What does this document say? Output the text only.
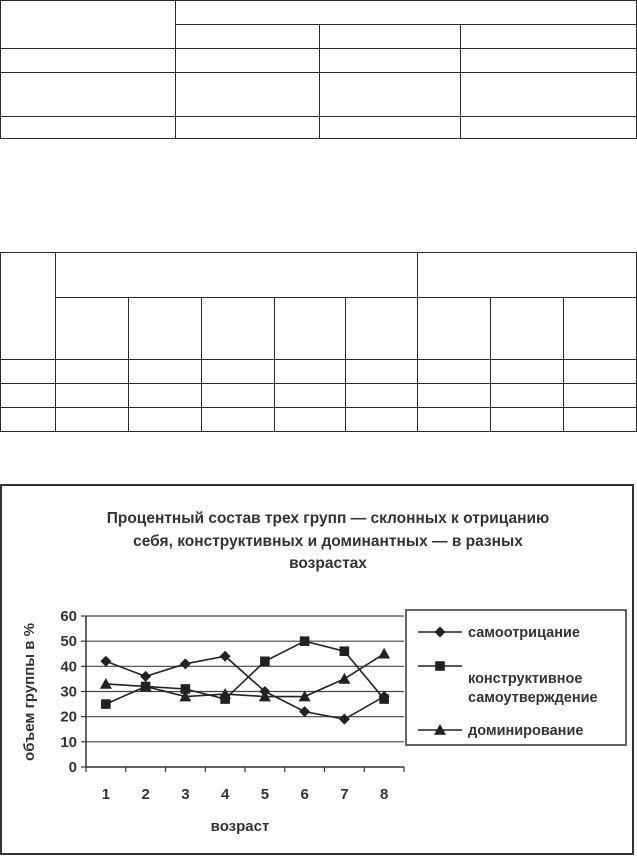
Процентный состав трех групп — склонных к отрицанию
себя, конструктивных и доминантных — в разных
возрастах
0
10
20
30
40
50
60
1 2 3 4 5 6 7 8
возраст
объем группы в %	самоотрицание
конструктивное
самоутверждение
доминирование
